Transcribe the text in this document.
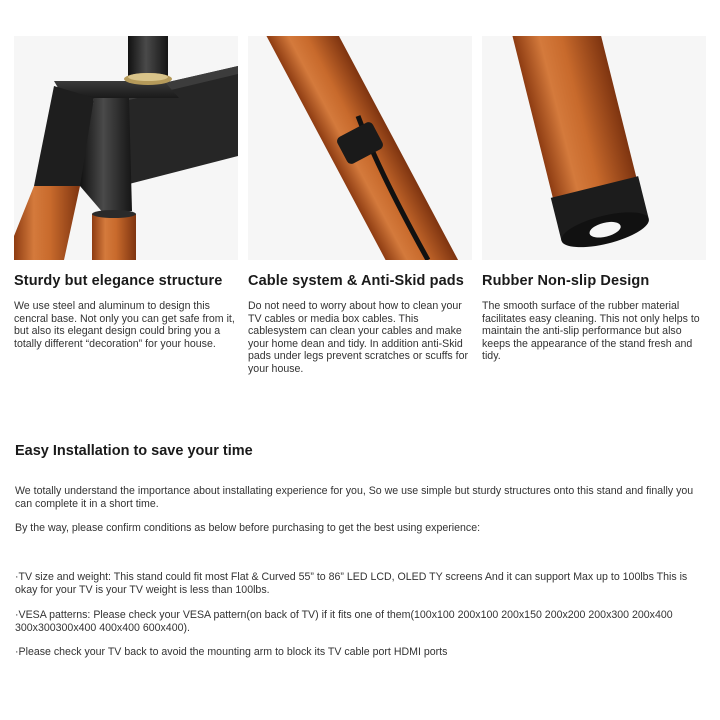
Sturdy but elegance structure
We use steel and aluminum to design this cencral base. Not only you can get safe from it, but also its elegant design could bring you a totally different “decoration” for your house.
Cable system & Anti-Skid pads
Do not need to worry about how to clean your TV cables or media box cables. This cablesystem can clean your cables and make your home dean and tidy. In addition anti-Skid pads under legs prevent scratches or scuffs for your house.
Rubber Non-slip Design
The smooth surface of the rubber material facilitates easy cleaning. This not only helps to maintain the anti-slip performance but also keeps the appearance of the stand fresh and tidy.
Easy Installation to save your time
We totally understand the importance about installating experience for you, So we use simple but sturdy structures onto this stand and finally you can complete it in a short time.
By the way, please confirm conditions as below before purchasing to get the best using experience:
·TV size and weight: This stand could fit most Flat & Curved 55” to 86” LED LCD, OLED TY screens And it can support Max up to 100lbs This is okay for your TV is your TV weight is less than 100lbs.
·VESA patterns: Please check your VESA pattern(on back of TV) if it fits one of them(100x100 200x100 200x150 200x200 200x300 200x400 300x300300x400 400x400 600x400).
·Please check your TV back to avoid the mounting arm to block its TV cable port HDMI ports
